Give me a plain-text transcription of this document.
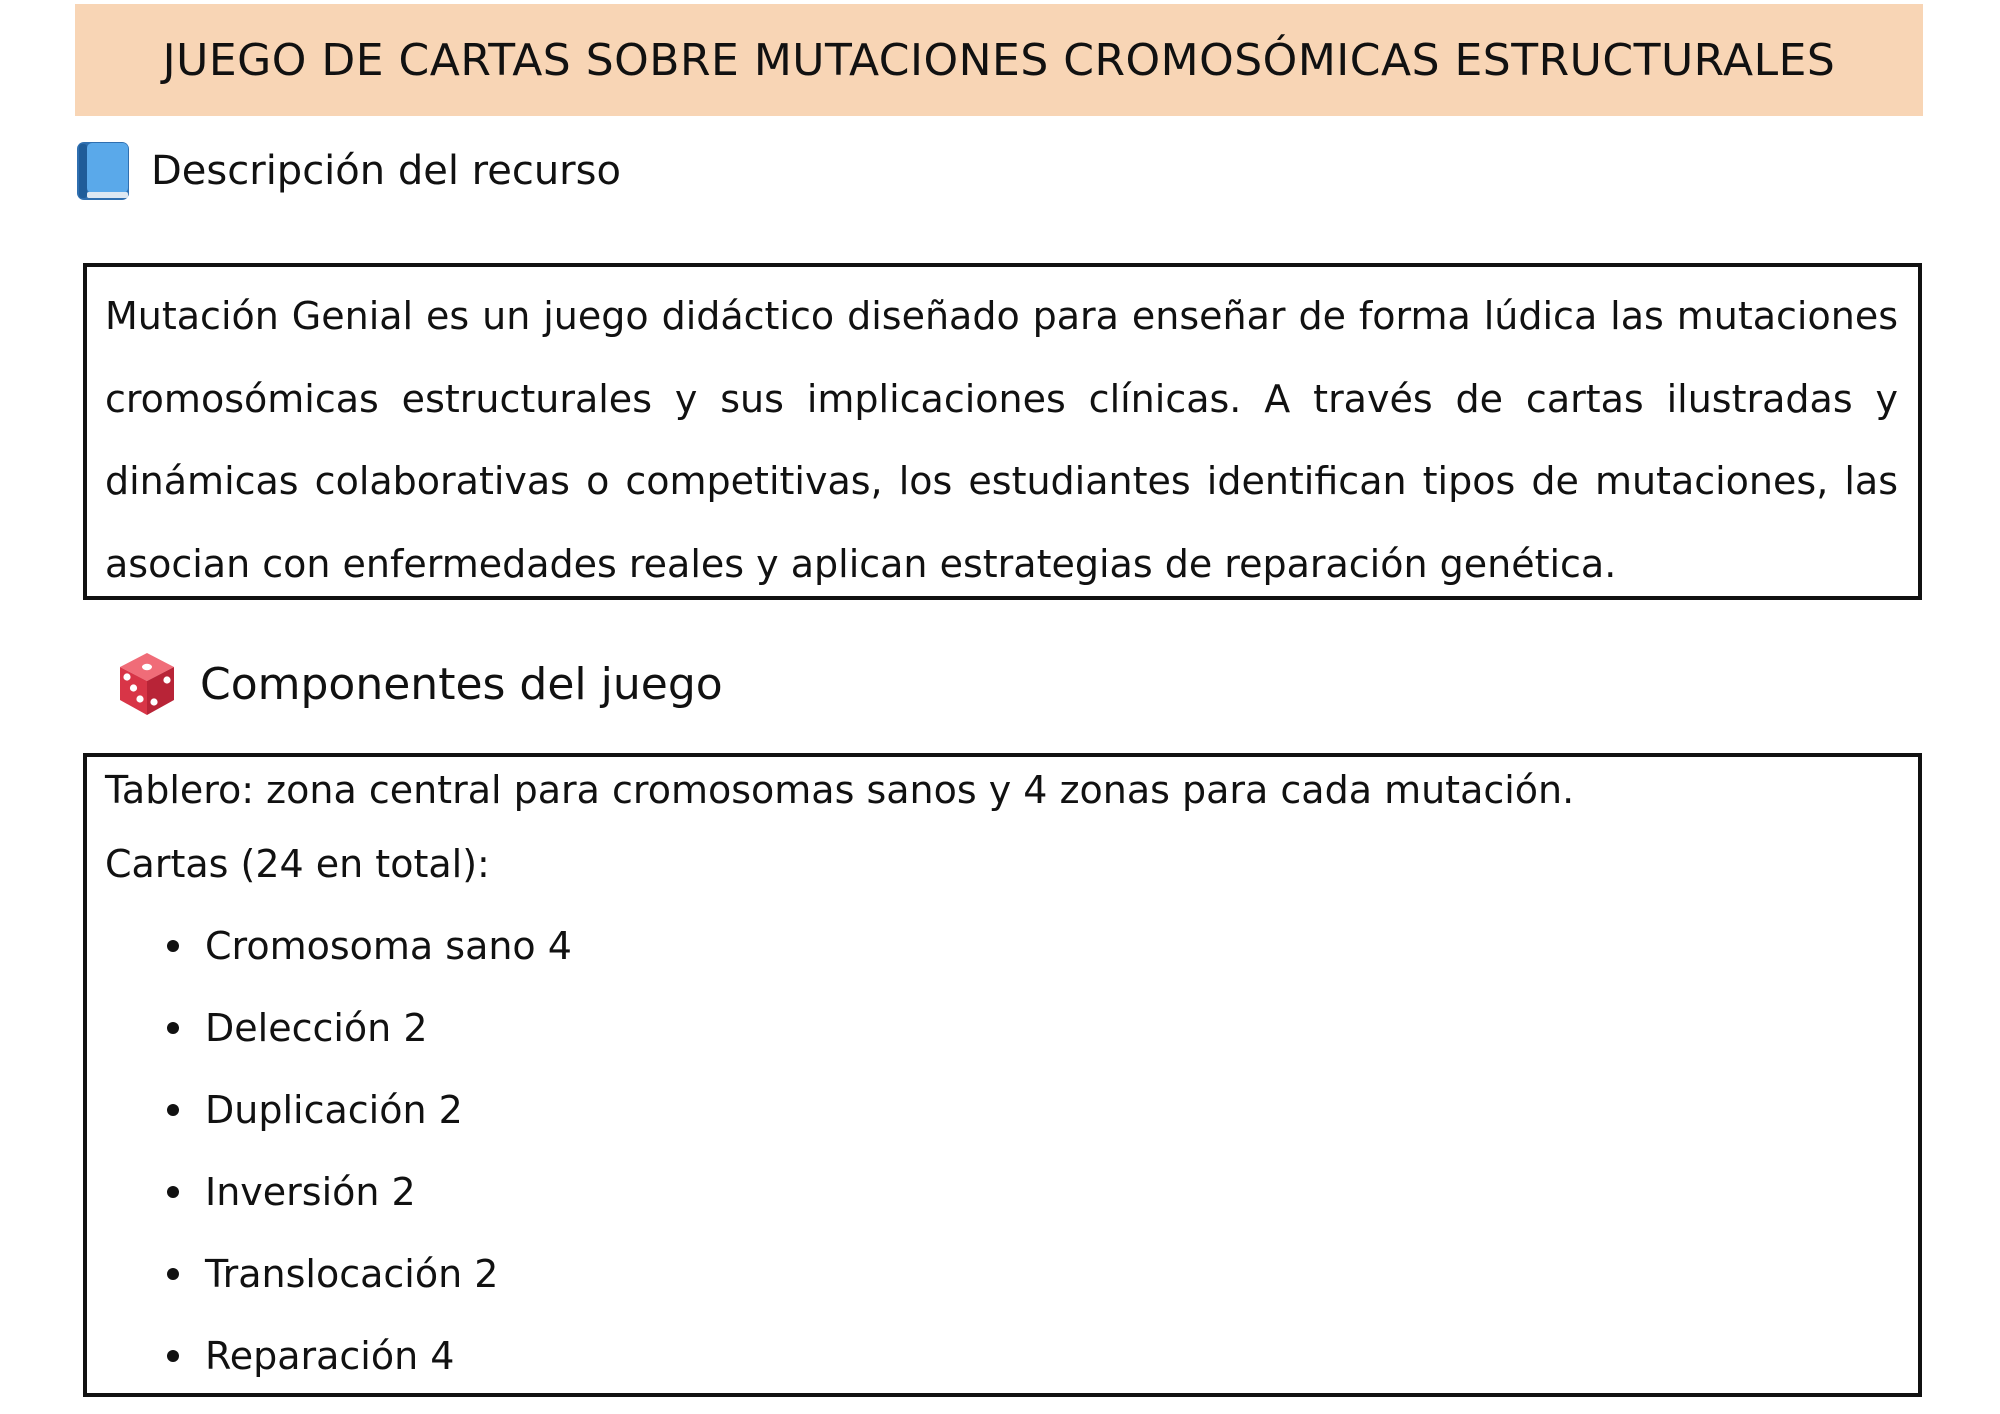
JUEGO DE CARTAS SOBRE MUTACIONES CROMOSÓMICAS ESTRUCTURALES
Descripción del recurso

Mutación Genial es un juego didáctico diseñado para enseñar de forma lúdica las mutaciones cromosómicas estructurales y sus implicaciones clínicas. A través de cartas ilustradas y dinámicas colaborativas o competitivas, los estudiantes identifican tipos de mutaciones, las asocian con enfermedades reales y aplican estrategias de reparación genética.

Componentes del juego
Tablero: zona central para cromosomas sanos y 4 zonas para cada mutación.
Cartas (24 en total):
Cromosoma sano 4
Delección 2
Duplicación 2
Inversión 2
Translocación 2
Reparación 4
